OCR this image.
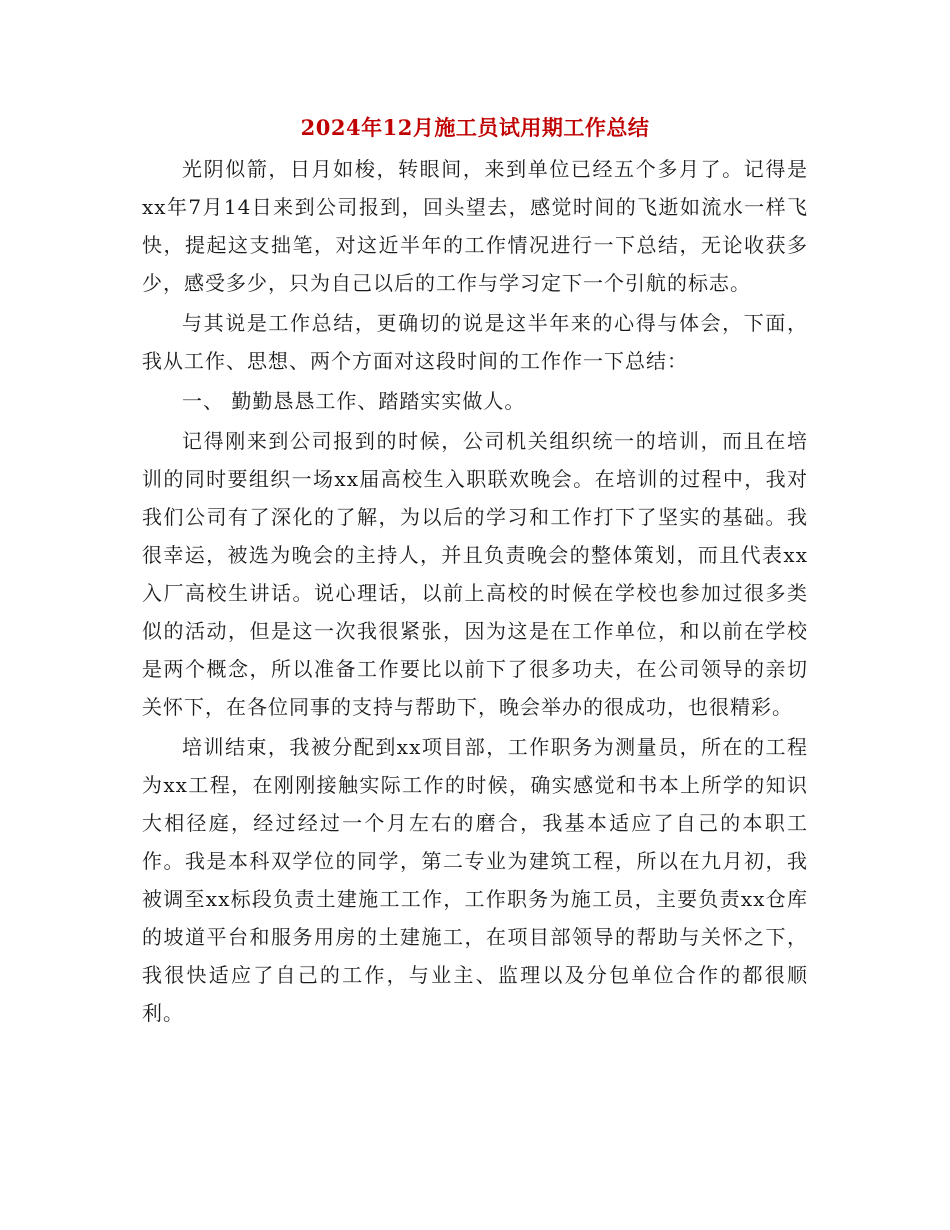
2024年12月施工员试用期工作总结

光阴似箭，日月如梭，转眼间，来到单位已经五个多月了。记得是xx年7月14日来到公司报到，回头望去，感觉时间的飞逝如流水一样飞快，提起这支拙笔，对这近半年的工作情况进行一下总结，无论收获多少，感受多少，只为自己以后的工作与学习定下一个引航的标志。

与其说是工作总结，更确切的说是这半年来的心得与体会，下面，我从工作、思想、两个方面对这段时间的工作作一下总结：

一、 勤勤恳恳工作、踏踏实实做人。

记得刚来到公司报到的时候，公司机关组织统一的培训，而且在培训的同时要组织一场xx届高校生入职联欢晚会。在培训的过程中，我对我们公司有了深化的了解，为以后的学习和工作打下了坚实的基础。我很幸运，被选为晚会的主持人，并且负责晚会的整体策划，而且代表xx入厂高校生讲话。说心理话，以前上高校的时候在学校也参加过很多类似的活动，但是这一次我很紧张，因为这是在工作单位，和以前在学校是两个概念，所以准备工作要比以前下了很多功夫，在公司领导的亲切关怀下，在各位同事的支持与帮助下，晚会举办的很成功，也很精彩。

培训结束，我被分配到xx项目部，工作职务为测量员，所在的工程为xx工程，在刚刚接触实际工作的时候，确实感觉和书本上所学的知识大相径庭，经过经过一个月左右的磨合，我基本适应了自己的本职工作。我是本科双学位的同学，第二专业为建筑工程，所以在九月初，我被调至xx标段负责土建施工工作，工作职务为施工员，主要负责xx仓库的坡道平台和服务用房的土建施工，在项目部领导的帮助与关怀之下，我很快适应了自己的工作，与业主、监理以及分包单位合作的都很顺利。
